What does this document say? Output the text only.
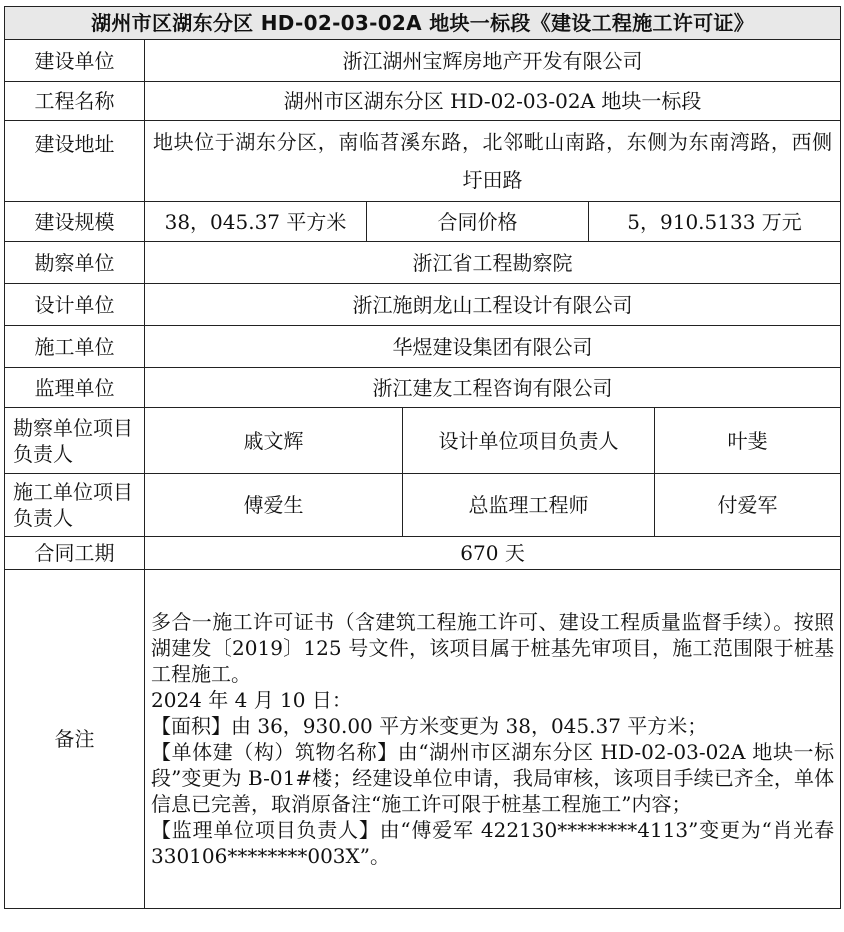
湖州市区湖东分区 HD-02-03-02A 地块一标段《建设工程施工许可证》					
建设单位	浙江湖州宝辉房地产开发有限公司				
工程名称	湖州市区湖东分区 HD-02-03-02A 地块一标段				
建设地址	地块位于湖东分区，南临苕溪东路，北邻毗山南路，东侧为东南湾路，西侧圩田路				
建设规模	38，045.37 平方米	合同价格		5，910.5133 万元	
勘察单位	浙江省工程勘察院				
设计单位	浙江施朗龙山工程设计有限公司				
施工单位	华煜建设集团有限公司				
监理单位	浙江建友工程咨询有限公司				
勘察单位项目负责人	戚文辉		设计单位项目负责人		叶斐
施工单位项目负责人	傅爱生		总监理工程师		付爱军
合同工期	670 天				
备注	多合一施工许可证书（含建筑工程施工许可、建设工程质量监督手续）。按照湖建发〔2019〕125 号文件，该项目属于桩基先审项目，施工范围限于桩基工程施工。
2024 年 4 月 10 日：
【面积】由 36，930.00 平方米变更为 38，045.37 平方米；
【单体建（构）筑物名称】由“湖州市区湖东分区 HD-02-03-02A 地块一标段”变更为 B-01#楼；经建设单位申请，我局审核，该项目手续已齐全，单体信息已完善，取消原备注“施工许可限于桩基工程施工”内容；
【监理单位项目负责人】由“傅爱军 422130********4113”变更为“肖光春 330106********003X”。				
